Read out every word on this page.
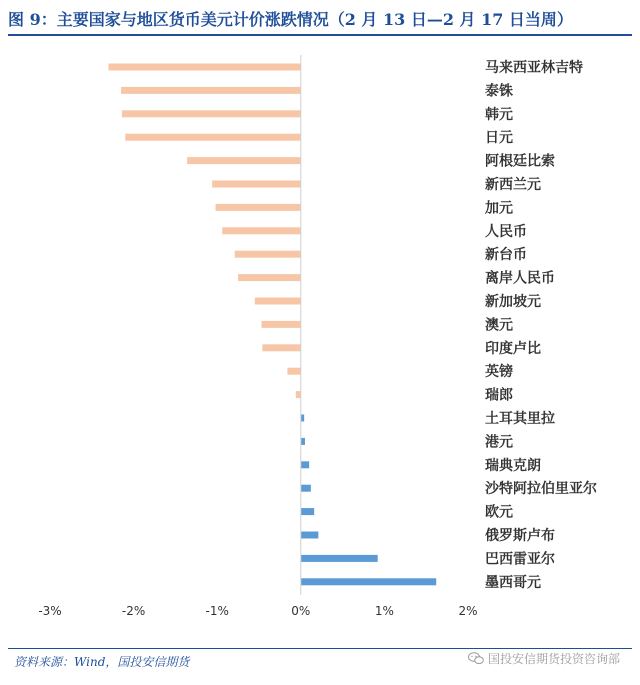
图 9：主要国家与地区货币美元计价涨跌情况（2 月 13 日—2 月 17 日当周）
马来西亚林吉特
泰铢
韩元
日元
阿根廷比索
新西兰元
加元
人民币
新台币
离岸人民币
新加坡元
澳元
印度卢比
英镑
瑞郎
土耳其里拉
港元
瑞典克朗
沙特阿拉伯里亚尔
欧元
俄罗斯卢布
巴西雷亚尔
墨西哥元
-3%	-2%	-1%	0%	1%	2%
资料来源：Wind，国投安信期货	国投安信期货投资咨询部
